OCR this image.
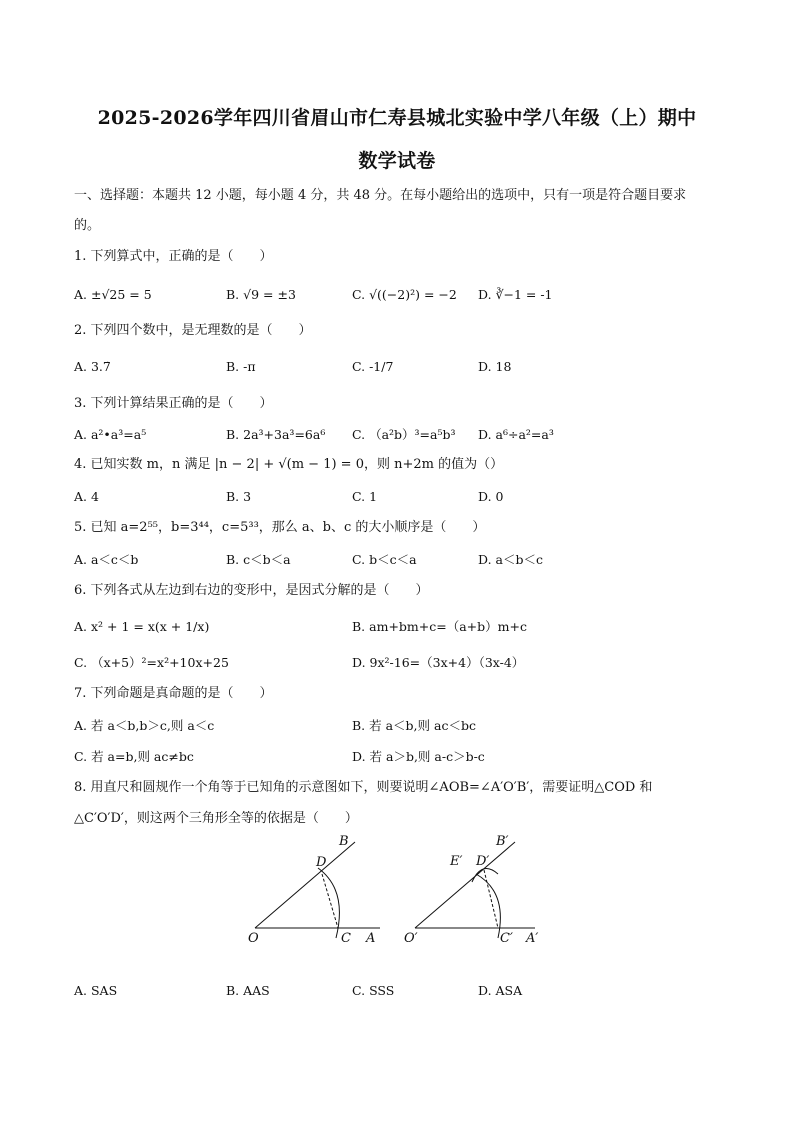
2025-2026学年四川省眉山市仁寿县城北实验中学八年级（上）期中
数学试卷
一、选择题：本题共 12 小题，每小题 4 分，共 48 分。在每小题给出的选项中，只有一项是符合题目要求
的。
1. 下列算式中，正确的是（　　）
A. ±√25 = 5	B. √9 = ±3	C. √((−2)²) = −2 D. ∛−1 = -1
2. 下列四个数中，是无理数的是（　　）
A. 3.7̇	B. -π	C. -1/7	D. 18
3. 下列计算结果正确的是（　　）
A. a²•a³=a⁵	B. 2a³+3a³=6a⁶ C. （a²b）³=a⁵b³ D. a⁶÷a²=a³
4. 已知实数 m，n 满足 |n − 2| + √(m − 1) = 0，则 n+2m 的值为（）
A. 4	B. 3	C. 1	D. 0
5. 已知 a=2⁵⁵，b=3⁴⁴，c=5³³，那么 a、b、c 的大小顺序是（　　）
A. a＜c＜b	B. c＜b＜a	C. b＜c＜a	D. a＜b＜c
6. 下列各式从左边到右边的变形中，是因式分解的是（　　）
A. x² + 1 = x(x + 1/x)	B. am+bm+c=（a+b）m+c
C. （x+5）²=x²+10x+25	D. 9x²-16=（3x+4）（3x-4）
7. 下列命题是真命题的是（　　）
A. 若 a＜b,b＞c,则 a＜c	B. 若 a＜b,则 ac＜bc
C. 若 a=b,则 ac≠bc	D. 若 a＞b,则 a-c＞b-c
8. 用直尺和圆规作一个角等于已知角的示意图如下，则要说明∠AOB=∠A′O′B′，需要证明△COD 和
△C′O′D′，则这两个三角形全等的依据是（　　）
B
D
O	C A
B′
E′ D′
O′	C′ A′
A. SAS	B. AAS	C. SSS	D. ASA
